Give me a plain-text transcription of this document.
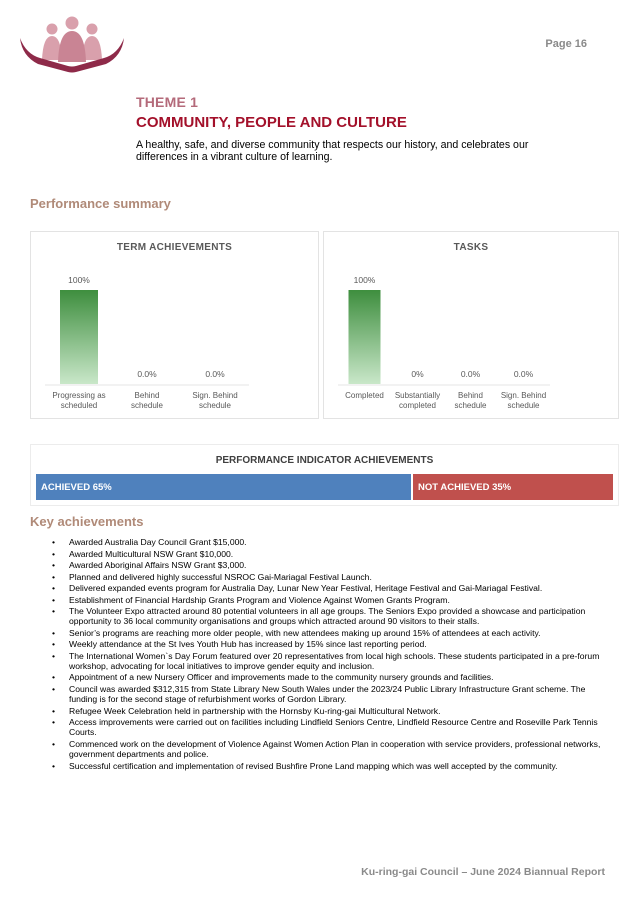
Page 16
THEME 1
COMMUNITY, PEOPLE AND CULTURE
A healthy, safe, and diverse community that respects our history, and celebrates our differences in a vibrant culture of learning.
Performance summary
TERM ACHIEVEMENTS
100%
Progressing as scheduled
0.0%
Behind schedule
0.0%
Sign. Behind schedule
TASKS
100%
Completed
0%
Substantially completed
0.0%
Behind schedule
0.0%
Sign. Behind schedule
PERFORMANCE INDICATOR ACHIEVEMENTS
ACHIEVED 65%	NOT ACHIEVED 35%
Key achievements
• Awarded Australia Day Council Grant $15,000.
• Awarded Multicultural NSW Grant $10,000.
• Awarded Aboriginal Affairs NSW Grant $3,000.
• Planned and delivered highly successful NSROC Gai-Mariagal Festival Launch.
• Delivered expanded events program for Australia Day, Lunar New Year Festival, Heritage Festival and Gai-Mariagal Festival.
• Establishment of Financial Hardship Grants Program and Violence Against Women Grants Program.
• The Volunteer Expo attracted around 80 potential volunteers in all age groups. The Seniors Expo provided a showcase and participation opportunity to 36 local community organisations and groups which attracted around 90 visitors to their stalls.
• Senior’s programs are reaching more older people, with new attendees making up around 15% of attendees at each activity.
• Weekly attendance at the St Ives Youth Hub has increased by 15% since last reporting period.
• The International Women`s Day Forum featured over 20 representatives from local high schools. These students participated in a pre-forum workshop, advocating for local initiatives to improve gender equity and inclusion.
• Appointment of a new Nursery Officer and improvements made to the community nursery grounds and facilities.
• Council was awarded $312,315 from State Library New South Wales under the 2023/24 Public Library Infrastructure Grant scheme. The funding is for the second stage of refurbishment works of Gordon Library.
• Refugee Week Celebration held in partnership with the Hornsby Ku-ring-gai Multicultural Network.
• Access improvements were carried out on facilities including Lindfield Seniors Centre, Lindfield Resource Centre and Roseville Park Tennis Courts.
• Commenced work on the development of Violence Against Women Action Plan in cooperation with service providers, professional networks, government departments and police.
• Successful certification and implementation of revised Bushfire Prone Land mapping which was well accepted by the community.
Ku-ring-gai Council – June 2024 Biannual Report
